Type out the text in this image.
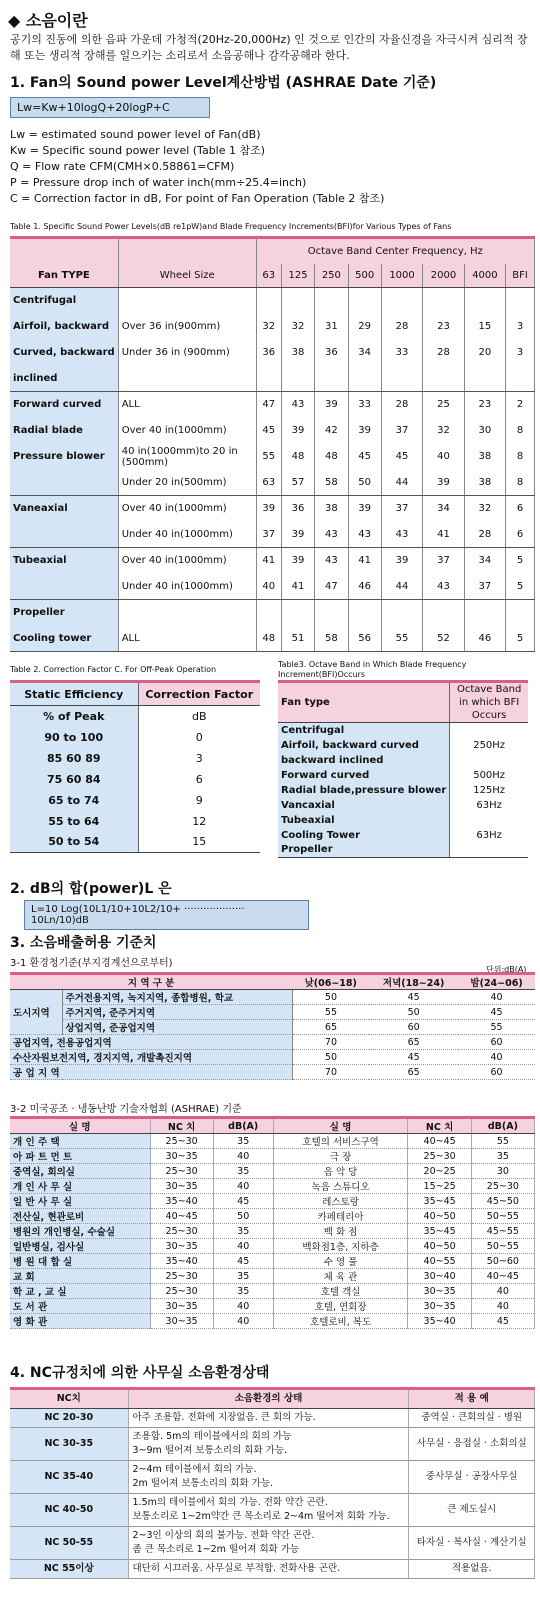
◆ 소음이란

공기의 진동에 의한 음파 가운데 가청적(20Hz-20,000Hz) 인 것으로 인간의 자율신경을 자극시켜 심리적 장해 또는 생리적 장해를 일으키는 소리로서 소음공해나 감각공해라 한다.

1. Fan의 Sound power Level계산방법 (ASHRAE Date 기준)
Lw=Kw+10logQ+20logP+C
Lw = estimated sound power level of Fan(dB)
Kw = Specific sound power level (Table 1 참조)
Q = Flow rate CFM(CMH×0.58861=CFM)
P = Pressure drop inch of water inch(mm÷25.4=inch)
C = Correction factor in dB, For point of Fan Operation (Table 2 참조)
Table 1. Specific Sound Power Levels(dB re1pW)and Blade Frequency Increments(BFI)for Various Types of Fans
		Octave Band Center Frequency, Hz							
Fan TYPE	Wheel Size	63	125	250	500	1000	2000	4000	BFI
Centrifugal									
Airfoil, backward	Over 36 in(900mm)	32	32	31	29	28	23	15	3
Curved, backward	Under 36 in (900mm)	36	38	36	34	33	28	20	3
inclined									
Forward curved	ALL	47	43	39	33	28	25	23	2
Radial blade	Over 40 in(1000mm)	45	39	42	39	37	32	30	8
Pressure blower	40 in(1000mm)to 20 in (500mm)	55	48	48	45	45	40	38	8
	Under 20 in(500mm)	63	57	58	50	44	39	38	8
Vaneaxial	Over 40 in(1000mm)	39	36	38	39	37	34	32	6
	Under 40 in(1000mm)	37	39	43	43	43	41	28	6
Tubeaxial	Over 40 in(1000mm)	41	39	43	41	39	37	34	5
	Under 40 in(1000mm)	40	41	47	46	44	43	37	5
Propeller									
Cooling tower	ALL	48	51	58	56	55	52	46	5
Table 2. Correction Factor C. For Off-Peak Operation
Static Efficiency	Correction Factor
% of Peak	dB
90 to 100	0
85 60 89	3
75 60 84	6
65 to 74	9
55 to 64	12
50 to 54	15
Table3. Octave Band in Which Blade Frequency Increment(BFI)Occurs
Fan type	Octave Band in which BFI Occurs
Centrifugal	
Airfoil, backward curved	250Hz
backward inclined	
Forward curved	500Hz
Radial blade,pressure blower	125Hz
Vancaxial	63Hz
Tubeaxial	
Cooling Tower	63Hz
Propeller	
2. dB의 합(power)L 은
L=10 Log(10L1/10+10L2/10+ ··················· 10Ln/10)dB
3. 소음배출허용 기준치
3-1 환경청기준(부지경계선으로부터)
단위:dB(A)
지 역 구 분		낮(06~18)	저녁(18~24)	밤(24~06)
도시지역	주거전용지역, 녹지지역, 종합병원, 학교	50	45	40
	주거지역, 준주거지역	55	50	45
	상업지역, 준공업지역	65	60	55
공업지역, 전용공업지역		70	65	60
수산자원보전지역, 경지지역, 개발촉진지역		50	45	40
공 업 지 역		70	65	60
3-2 미국공조 · 냉동난방 기술자협회 (ASHRAE) 기준
실 명	NC 치	dB(A)	실 명	NC 치	dB(A)
개 인 주 택	25~30	35	호텔의 서비스구역	40~45	55
아 파 트 먼 트	30~35	40	극 장	25~30	35
중역실, 회의실	25~30	35	음 악 당	20~25	30
개 인 사 무 실	30~35	40	녹음 스튜디오	15~25	25~30
일 반 사 무 실	35~40	45	레스토랑	35~45	45~50
전산실, 현관로비	40~45	50	카페테리아	40~50	50~55
병원의 개인병실, 수술실	25~30	35	백 화 점	35~45	45~55
일반병실, 검사실	30~35	40	백화점1층, 지하층	40~50	50~55
병 원 대 합 실	35~40	45	수 영 풀	40~55	50~60
교 회	25~30	35	체 육 관	30~40	40~45
학 교 , 교 실	25~30	35	호텔 객실	30~35	40
도 서 관	30~35	40	호텔, 연회장	30~35	40
영 화 관	30~35	40	호텔로비, 복도	35~40	45
4. NC규정치에 의한 사무실 소음환경상태
NC치	소음환경의 상태	적 용 예
NC 20-30	아주 조용함. 전화에 지장없음. 큰 회의 가능.	중역실 · 큰회의실 · 병원
NC 30-35	조용함. 5m의 테이블에서의 회의 가능
3~9m 떨어져 보통소리의 회화 가능.	사무실 · 응접실 · 소회의실
NC 35-40	2~4m 테이블에서 회의 가능.
2m 떨어져 보통소리의 회화 가능.	중사무실 · 공장사무실
NC 40-50	1.5m의 테이블에서 회의 가능. 전화 약간 곤란.
보통소리로 1~2m약간 큰 목소리로 2~4m 떨어져 회화 가능.	큰 제도실시
NC 50-55	2~3인 이상의 회의 불가능. 전화 약간 곤란.
좀 큰 목소리로 1~2m 떨어져 회화 가능	타자실 · 복사실 · 계산기실
NC 55이상	대단히 시끄러움. 사무실로 부적합. 전화사용 곤란.	적용없음.
